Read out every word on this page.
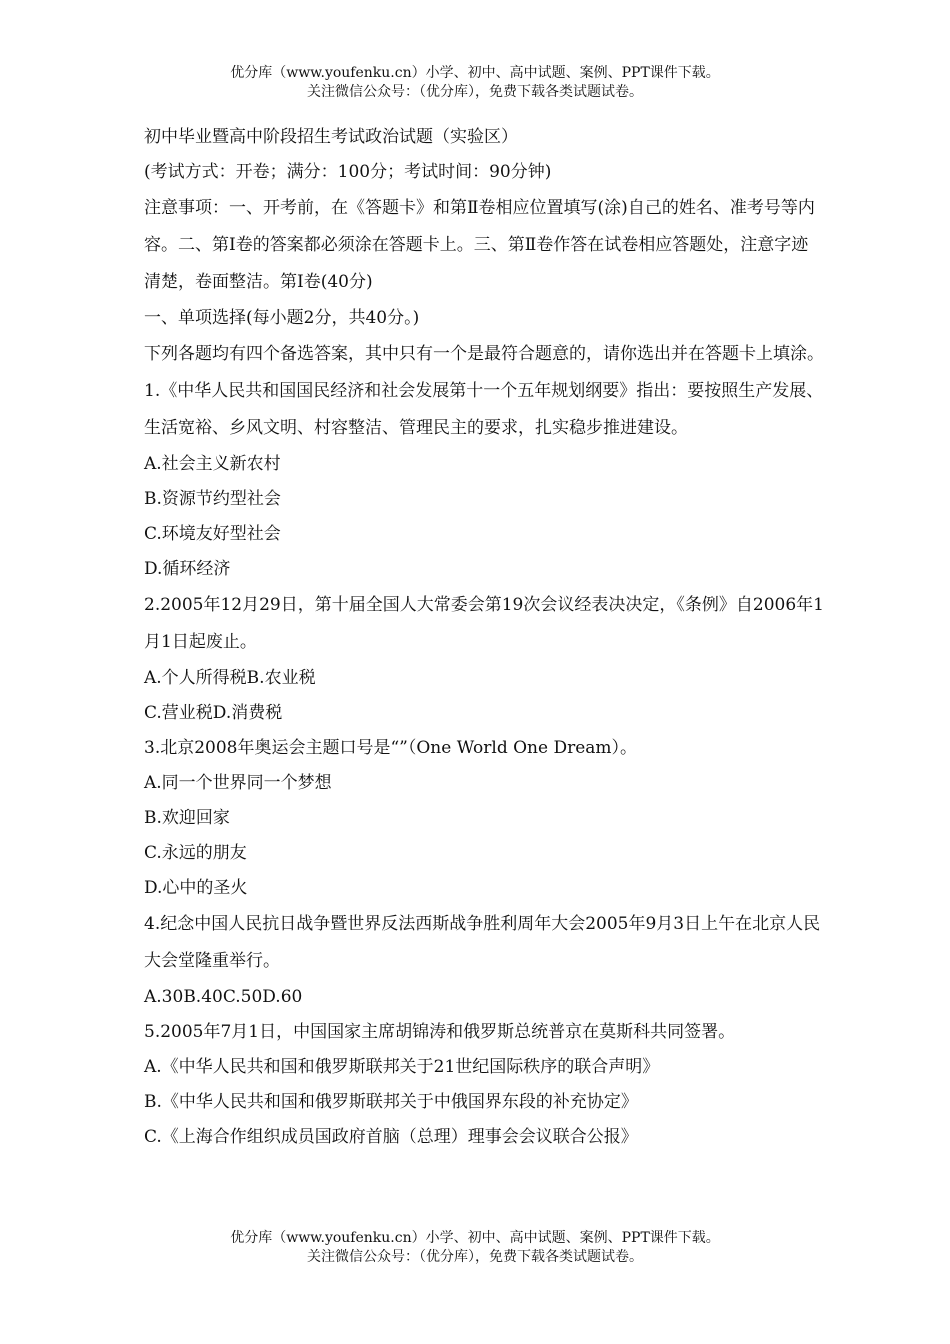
优分库（www.youfenku.cn）小学、初中、高中试题、案例、PPT课件下载。
关注微信公众号：（优分库），免费下载各类试题试卷。

初中毕业暨高中阶段招生考试政治试题（实验区）

(考试方式：开卷；满分：100分；考试时间：90分钟)

注意事项：一、开考前，在《答题卡》和第Ⅱ卷相应位置填写(涂)自己的姓名、准考号等内容。二、第Ⅰ卷的答案都必须涂在答题卡上。三、第Ⅱ卷作答在试卷相应答题处，注意字迹清楚，卷面整洁。第Ⅰ卷(40分)

一、单项选择(每小题2分，共40分。)

下列各题均有四个备选答案，其中只有一个是最符合题意的，请你选出并在答题卡上填涂。

1.《中华人民共和国国民经济和社会发展第十一个五年规划纲要》指出：要按照生产发展、生活宽裕、乡风文明、村容整洁、管理民主的要求，扎实稳步推进建设。

A.社会主义新农村

B.资源节约型社会

C.环境友好型社会

D.循环经济

2.2005年12月29日，第十届全国人大常委会第19次会议经表决决定，《条例》自2006年1月1日起废止。

A.个人所得税B.农业税

C.营业税D.消费税

3.北京2008年奥运会主题口号是“”（One World One Dream）。

A.同一个世界同一个梦想

B.欢迎回家

C.永远的朋友

D.心中的圣火

4.纪念中国人民抗日战争暨世界反法西斯战争胜利周年大会2005年9月3日上午在北京人民大会堂隆重举行。

A.30B.40C.50D.60

5.2005年7月1日，中国国家主席胡锦涛和俄罗斯总统普京在莫斯科共同签署。

A.《中华人民共和国和俄罗斯联邦关于21世纪国际秩序的联合声明》

B.《中华人民共和国和俄罗斯联邦关于中俄国界东段的补充协定》

C.《上海合作组织成员国政府首脑（总理）理事会会议联合公报》

优分库（www.youfenku.cn）小学、初中、高中试题、案例、PPT课件下载。
关注微信公众号：（优分库），免费下载各类试题试卷。
